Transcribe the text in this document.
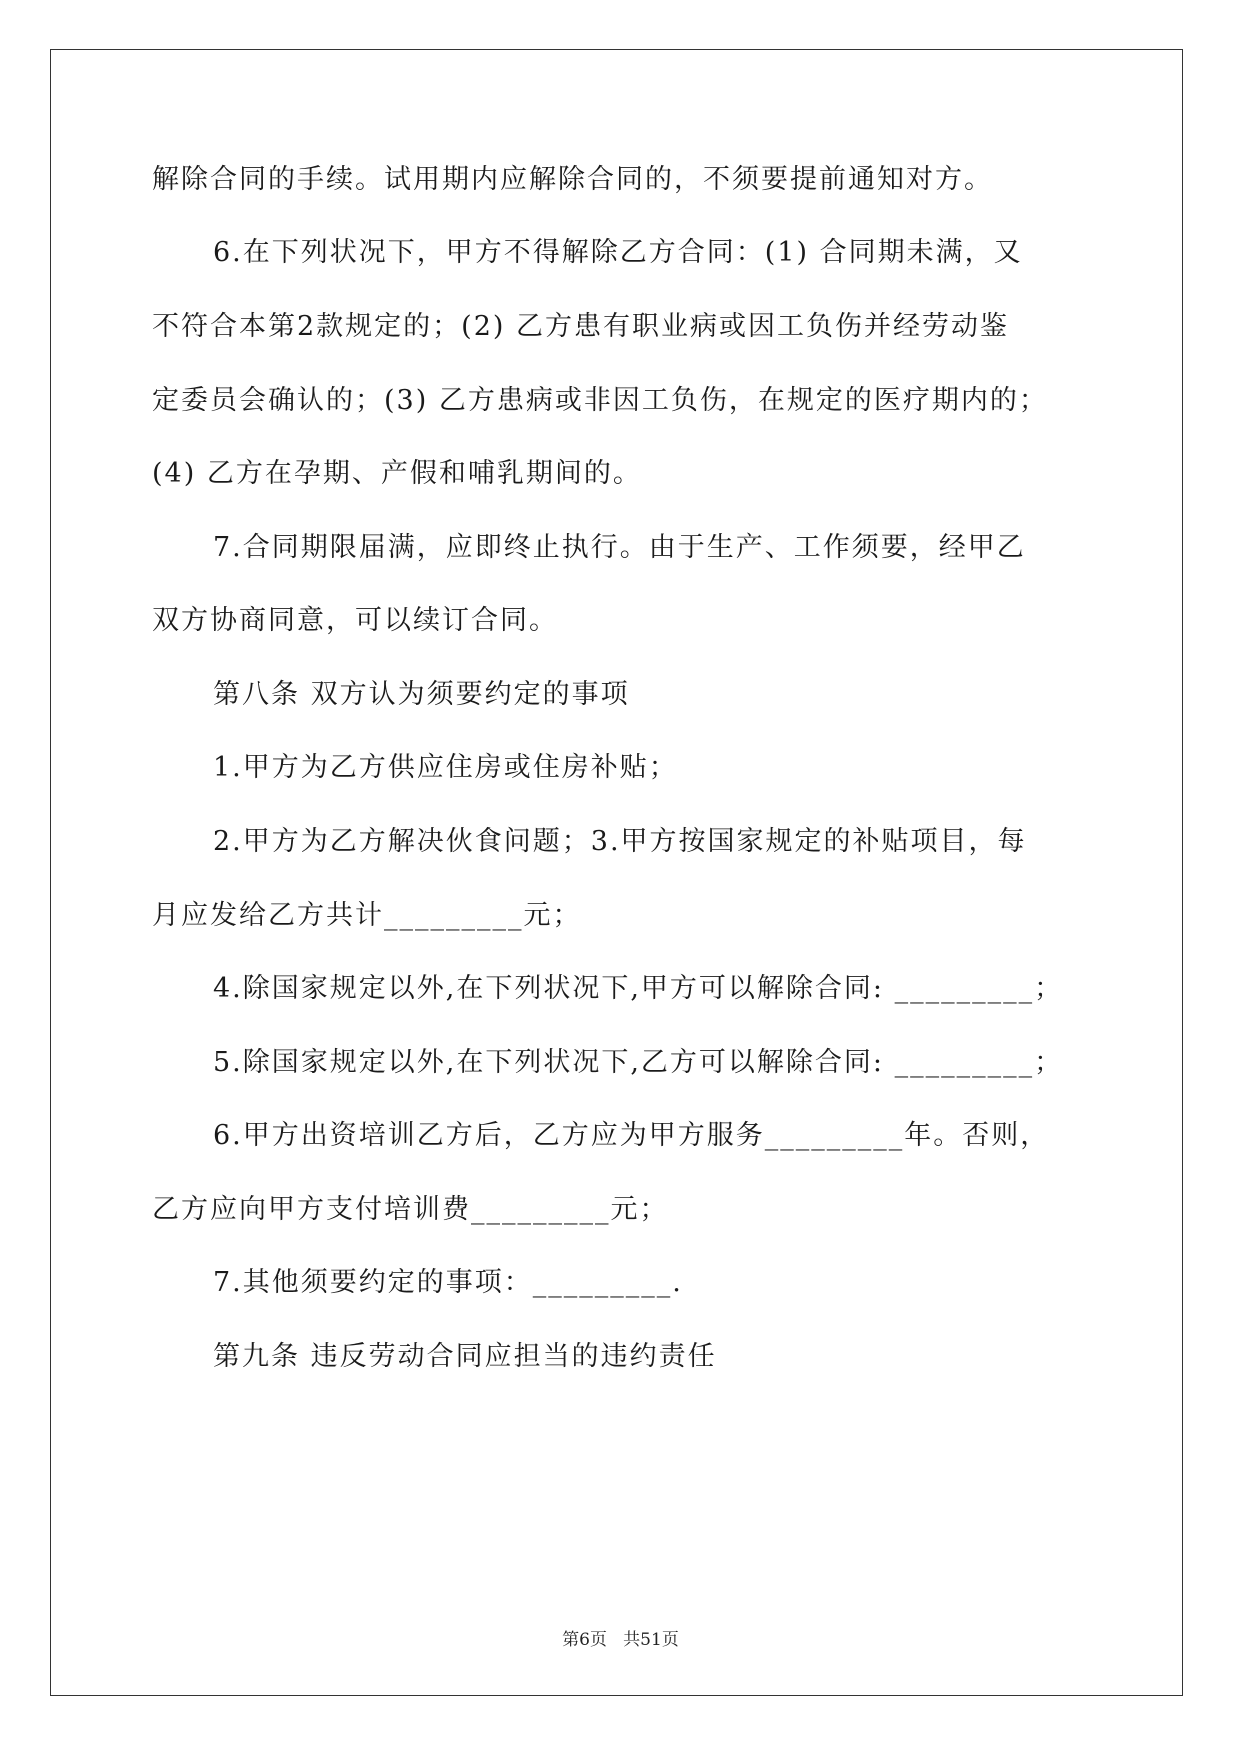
解除合同的手续。试用期内应解除合同的，不须要提前通知对方。
6.在下列状况下，甲方不得解除乙方合同：(1) 合同期未满，又
不符合本第2款规定的；(2) 乙方患有职业病或因工负伤并经劳动鉴
定委员会确认的；(3) 乙方患病或非因工负伤，在规定的医疗期内的；
(4) 乙方在孕期、产假和哺乳期间的。
7.合同期限届满，应即终止执行。由于生产、工作须要，经甲乙
双方协商同意，可以续订合同。
第八条 双方认为须要约定的事项
1.甲方为乙方供应住房或住房补贴；
2.甲方为乙方解决伙食问题；3.甲方按国家规定的补贴项目，每
月应发给乙方共计_________元；
4.除国家规定以外,在下列状况下,甲方可以解除合同: _________；
5.除国家规定以外,在下列状况下,乙方可以解除合同: _________；
6.甲方出资培训乙方后，乙方应为甲方服务_________年。否则，
乙方应向甲方支付培训费_________元；
7.其他须要约定的事项：_________.
第九条 违反劳动合同应担当的违约责任
第6页   共51页
